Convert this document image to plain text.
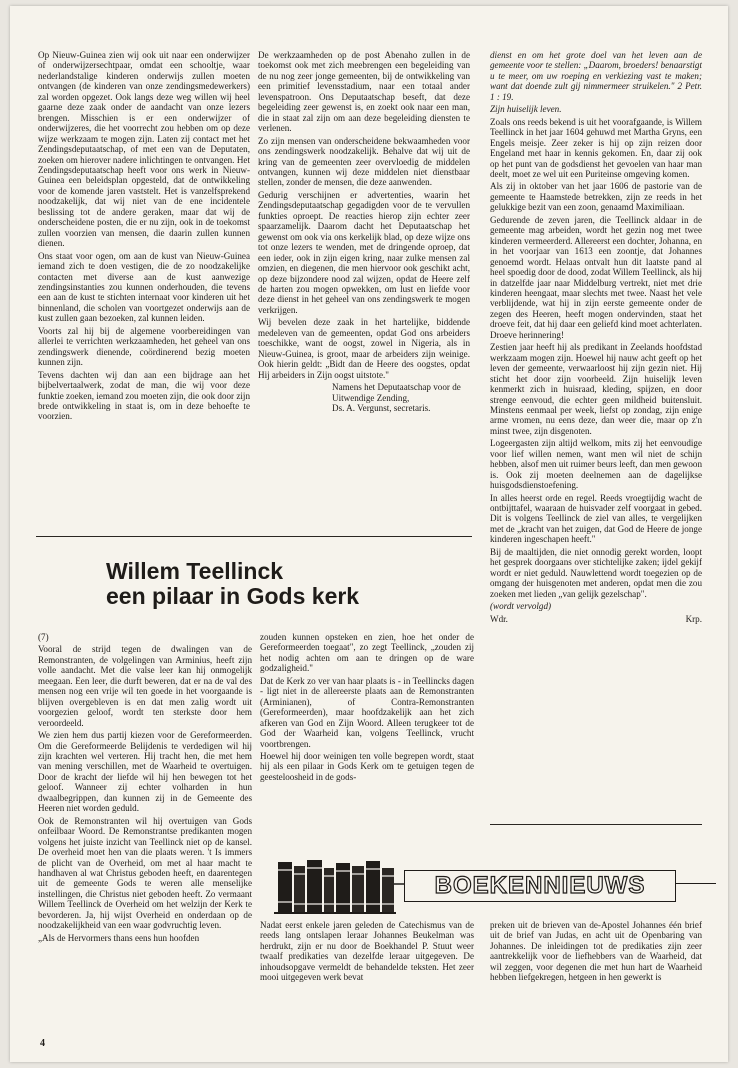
Op Nieuw-Guinea zien wij ook uit naar een onderwijzer of onderwijzersechtpaar, omdat een schooltje, waar nederlandstalige kinderen onderwijs zullen moeten ontvangen (de kinderen van onze zendingsmedewerkers) zal worden opgezet. Ook langs deze weg willen wij heel gaarne deze zaak onder de aandacht van onze lezers brengen. Misschien is er een onderwijzer of onderwijzeres, die het voorrecht zou hebben om op deze wijze werkzaam te mogen zijn. Laten zij contact met het Zendingsdeputaatschap, of met een van de Deputaten, zoeken om hierover nadere inlichtingen te ontvangen. Het Zendingsdeputaatschap heeft voor ons werk in Nieuw-Guinea een beleidsplan opgesteld, dat de ontwikkeling voor de komende jaren vaststelt. Het is vanzelfsprekend noodzakelijk, dat wij niet van de ene incidentele beslissing tot de andere geraken, maar dat wij de onderscheidene posten, die er nu zijn, ook in de toekomst zullen voorzien van mensen, die daarin zullen kunnen dienen.

Ons staat voor ogen, om aan de kust van Nieuw-Guinea iemand zich te doen vestigen, die de zo noodzakelijke contacten met diverse aan de kust aanwezige zendingsinstanties zou kunnen onderhouden, die tevens een aan de kust te stichten internaat voor kinderen uit het binnenland, die scholen van voortgezet onderwijs aan de kust zullen gaan bezoeken, zal kunnen leiden.

Voorts zal hij bij de algemene voorbereidingen van allerlei te verrichten werkzaamheden, het geheel van ons zendingswerk dienende, coördinerend bezig moeten kunnen zijn.

Tevens dachten wij dan aan een bijdrage aan het bijbelvertaalwerk, zodat de man, die wij voor deze funktie zoeken, iemand zou moeten zijn, die ook door zijn brede ontwikkeling in staat is, om in deze behoefte te voorzien.

De werkzaamheden op de post Abenaho zullen in de toekomst ook met zich meebrengen een begeleiding van de nu nog zeer jonge gemeenten, bij de ontwikkeling van een primitief levensstadium, naar een totaal ander levenspatroon. Ons Deputaatschap beseft, dat deze begeleiding zeer gewenst is, en zoekt ook naar een man, die in staat zal zijn om aan deze begeleiding diensten te verlenen.

Zo zijn mensen van onderscheidene bekwaamheden voor ons zendingswerk noodzakelijk. Behalve dat wij uit de kring van de gemeenten zeer overvloedig de middelen ontvangen, kunnen wij deze middelen niet dienstbaar stellen, zonder de mensen, die deze aanwenden.

Gedurig verschijnen er advertenties, waarin het Zendingsdeputaatschap gegadigden voor de te vervullen funkties oproept. De reacties hierop zijn echter zeer spaarzamelijk. Daarom dacht het Deputaatschap het gewenst om ook via ons kerkelijk blad, op deze wijze ons tot onze lezers te wenden, met de dringende oproep, dat een ieder, ook in zijn eigen kring, naar zulke mensen zal omzien, en diegenen, die men hiervoor ook geschikt acht, op deze bijzondere nood zal wijzen, opdat de Heere zelf de harten zou mogen opwekken, om lust en liefde voor deze dienst in het geheel van ons zendingswerk te mogen verkrijgen.

Wij bevelen deze zaak in het hartelijke, biddende medeleven van de gemeenten, opdat God ons arbeiders toeschikke, want de oogst, zowel in Nigeria, als in Nieuw-Guinea, is groot, maar de arbeiders zijn weinige. Ook hierin geldt: „Bidt dan de Heere des oogstes, opdat Hij arbeiders in Zijn oogst uitstote."

Namens het Deputaatschap voor de
Uitwendige Zending,
Ds. A. Vergunst, secretaris.

dienst en om het grote doel van het leven aan de gemeente voor te stellen: „Daarom, broeders! benaarstigt u te meer, om uw roeping en verkiezing vast te maken; want dat doende zult gij nimmermeer struikelen." 2 Petr. 1 : 19.

Zijn huiselijk leven.

Zoals ons reeds bekend is uit het voorafgaande, is Willem Teellinck in het jaar 1604 gehuwd met Martha Gryns, een Engels meisje. Zeer zeker is hij op zijn reizen door Engeland met haar in kennis gekomen. En, daar zij ook op het punt van de godsdienst het gevoelen van haar man deelt, moet ze wel uit een Puriteinse omgeving komen.

Als zij in oktober van het jaar 1606 de pastorie van de gemeente te Haamstede betrekken, zijn ze reeds in het gelukkige bezit van een zoon, genaamd Maximiliaan.

Gedurende de zeven jaren, die Teellinck aldaar in de gemeente mag arbeiden, wordt het gezin nog met twee kinderen vermeerderd. Allereerst een dochter, Johanna, en in het voorjaar van 1613 een zoontje, dat Johannes genoemd wordt. Helaas ontvalt hun dit laatste pand al heel spoedig door de dood, zodat Willem Teellinck, als hij in datzelfde jaar naar Middelburg vertrekt, niet met drie kinderen heengaat, maar slechts met twee. Naast het vele verblijdende, wat hij in zijn eerste gemeente onder de zegen des Heeren, heeft mogen ondervinden, staat het droeve feit, dat hij daar een geliefd kind moet achterlaten. Droeve herinnering!

Zestien jaar heeft hij als predikant in Zeelands hoofdstad werkzaam mogen zijn. Hoewel hij nauw acht geeft op het leven der gemeente, verwaarloost hij zijn gezin niet. Hij sticht het door zijn voorbeeld. Zijn huiselijk leven kenmerkt zich in huisraad, kleding, spijzen, en door strenge eenvoud, die echter geen mildheid buitensluit. Minstens eenmaal per week, liefst op zondag, zijn enige arme vromen, nu eens deze, dan weer die, maar op z'n minst twee, zijn disgenoten.

Logeergasten zijn altijd welkom, mits zij het eenvoudige voor lief willen nemen, want men wil niet de schijn hebben, alsof men uit ruimer beurs leeft, dan men gewoon is. Ook zij moeten deelnemen aan de dagelijkse huisgodsdienstoefening.

In alles heerst orde en regel. Reeds vroegtijdig wacht de ontbijttafel, waaraan de huisvader zelf voorgaat in gebed. Dit is volgens Teellinck de ziel van alles, te vergelijken met de „kracht van het zuigen, dat God de Heere de jonge kinderen ingeschapen heeft."

Bij de maaltijden, die niet onnodig gerekt worden, loopt het gesprek doorgaans over stichtelijke zaken; ijdel gekijf wordt er niet geduld. Nauwlettend wordt toegezien op de omgang der huisgenoten met anderen, opdat men die zou zoeken met lieden „van gelijk gezelschap".

(wordt vervolgd)

Wdr.	Krp.
Willem Teellinck
een pilaar in Gods kerk

(7)

Vooral de strijd tegen de dwalingen van de Remonstranten, de volgelingen van Arminius, heeft zijn volle aandacht. Met die valse leer kan hij onmogelijk meegaan. Een leer, die durft beweren, dat er na de val des mensen nog een vrije wil ten goede in het voorgaande is blijven overgebleven is en dat men zalig wordt uit voorgezien geloof, wordt ten sterkste door hem veroordeeld.

We zien hem dus partij kiezen voor de Gereformeerden. Om die Gereformeerde Belijdenis te verdedigen wil hij zijn krachten wel verteren. Hij tracht hen, die met hem van mening verschillen, met de Waarheid te overtuigen. Door de kracht der liefde wil hij hen bewegen tot het geloof. Wanneer zij echter volharden in hun dwaalbegrippen, dan kunnen zij in de Gemeente des Heeren niet worden geduld.

Ook de Remonstranten wil hij overtuigen van Gods onfeilbaar Woord. De Remonstrantse predikanten mogen volgens het juiste inzicht van Teellinck niet op de kansel. De overheid moet hen van die plaats weren. 't Is immers de plicht van de Overheid, om met al haar macht te handhaven al wat Christus geboden heeft, en daarentegen uit de gemeente Gods te weren alle menselijke instellingen, die Christus niet geboden heeft. Zo vermaant Willem Teellinck de Overheid om het welzijn der Kerk te bevorderen. Ja, hij wijst Overheid en onderdaan op de noodzakelijkheid van een waar godvruchtig leven.

„Als de Hervormers thans eens hun hoofden

zouden kunnen opsteken en zien, hoe het onder de Gereformeerden toegaat", zo zegt Teellinck, „zouden zij het nodig achten om aan te dringen op de ware godzaligheid."

Dat de Kerk zo ver van haar plaats is - in Teellincks dagen - ligt niet in de allereerste plaats aan de Remonstranten (Arminianen), of Contra-Remonstranten (Gereformeerden), maar hoofdzakelijk aan het zich afkeren van God en Zijn Woord. Alleen terugkeer tot de God der Waarheid kan, volgens Teellinck, vrucht voortbrengen.

Hoewel hij door weinigen ten volle begrepen wordt, staat hij als een pilaar in Gods Kerk om te getuigen tegen de geesteloosheid in de gods-

BOEKENNIEUWS

Nadat eerst enkele jaren geleden de Catechismus van de reeds lang ontslapen leraar Johannes Beukelman was herdrukt, zijn er nu door de Boekhandel P. Stuut weer twaalf predikaties van dezelfde leraar uitgegeven. De inhoudsopgave vermeldt de behandelde teksten. Het zeer mooi uitgegeven werk bevat

preken uit de brieven van de-Apostel Johannes één brief uit de brief van Judas, en acht uit de Openbaring van Johannes. De inleidingen tot de predikaties zijn zeer aantrekkelijk voor de liefhebbers van de Waarheid, dat wil zeggen, voor degenen die met hun hart de Waarheid hebben liefgekregen, hetgeen in hen gewerkt is

4
